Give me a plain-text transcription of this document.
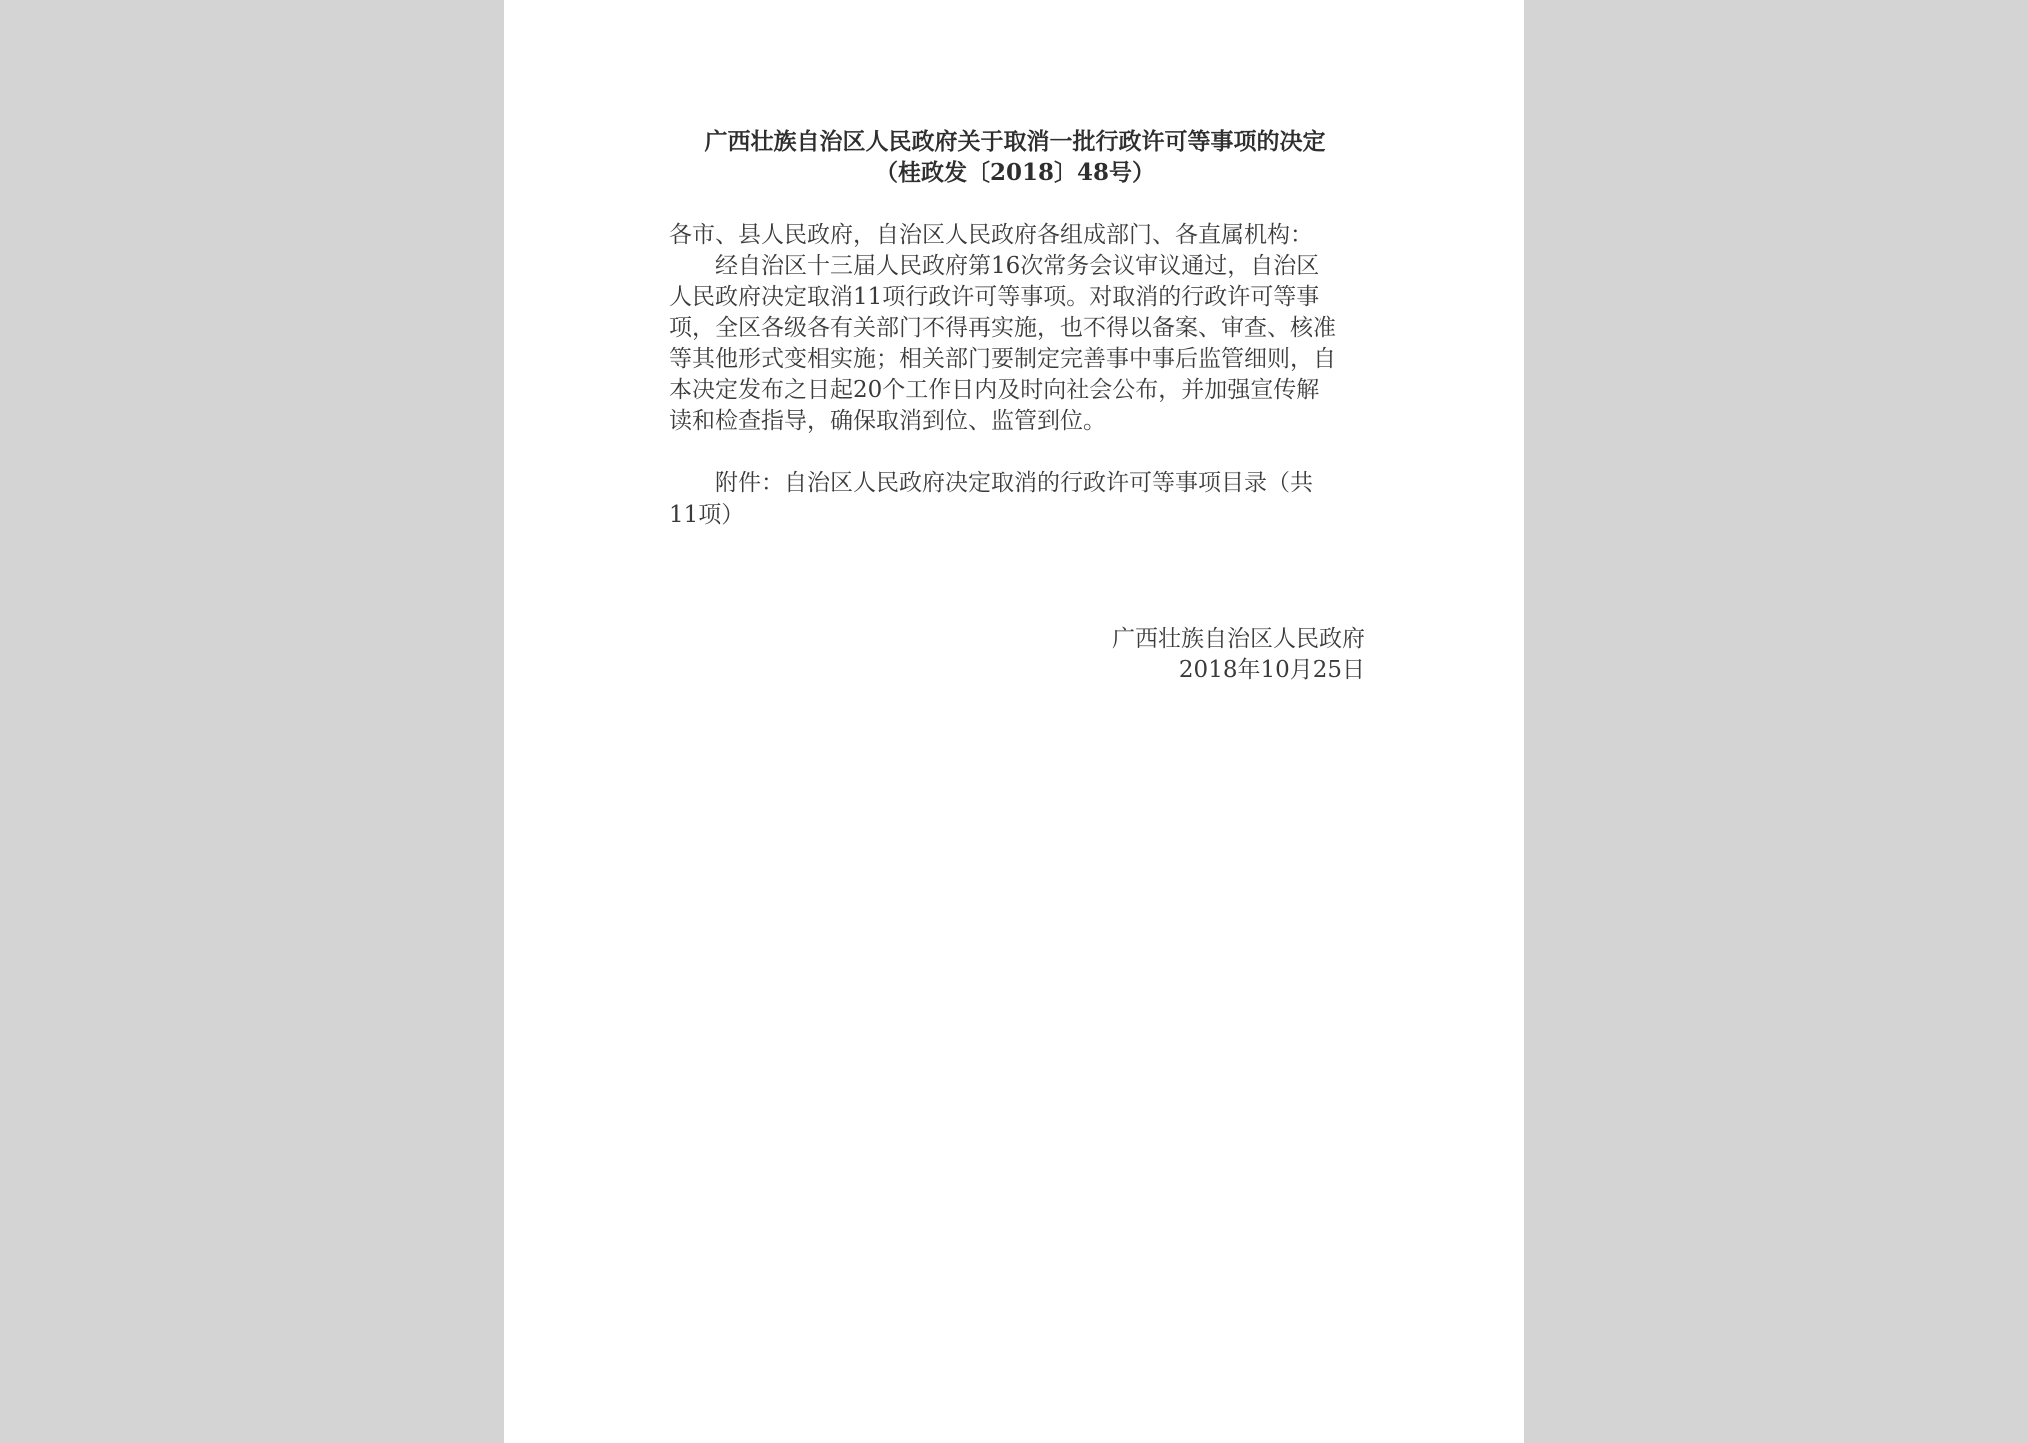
广西壮族自治区人民政府关于取消一批行政许可等事项的决定
（桂政发〔2018〕48号）
各市、县人民政府，自治区人民政府各组成部门、各直属机构：
经自治区十三届人民政府第16次常务会议审议通过，自治区
人民政府决定取消11项行政许可等事项。对取消的行政许可等事
项，全区各级各有关部门不得再实施，也不得以备案、审查、核准
等其他形式变相实施；相关部门要制定完善事中事后监管细则，自
本决定发布之日起20个工作日内及时向社会公布，并加强宣传解
读和检查指导，确保取消到位、监管到位。
附件：自治区人民政府决定取消的行政许可等事项目录（共
11项）
广西壮族自治区人民政府
2018年10月25日
